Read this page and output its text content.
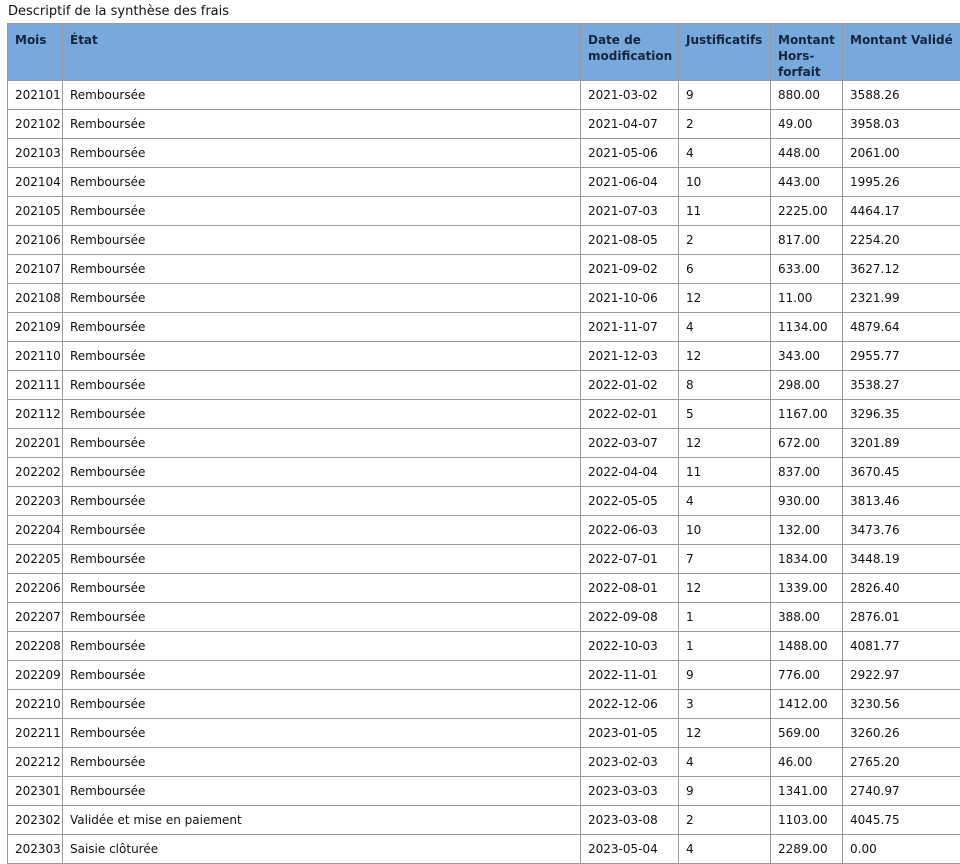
Descriptif de la synthèse des frais
Mois	État	Date de modification	Justificatifs	Montant Hors-forfait	Montant Validé
202101	Remboursée	2021-03-02	9	880.00	3588.26
202102	Remboursée	2021-04-07	2	49.00	3958.03
202103	Remboursée	2021-05-06	4	448.00	2061.00
202104	Remboursée	2021-06-04	10	443.00	1995.26
202105	Remboursée	2021-07-03	11	2225.00	4464.17
202106	Remboursée	2021-08-05	2	817.00	2254.20
202107	Remboursée	2021-09-02	6	633.00	3627.12
202108	Remboursée	2021-10-06	12	11.00	2321.99
202109	Remboursée	2021-11-07	4	1134.00	4879.64
202110	Remboursée	2021-12-03	12	343.00	2955.77
202111	Remboursée	2022-01-02	8	298.00	3538.27
202112	Remboursée	2022-02-01	5	1167.00	3296.35
202201	Remboursée	2022-03-07	12	672.00	3201.89
202202	Remboursée	2022-04-04	11	837.00	3670.45
202203	Remboursée	2022-05-05	4	930.00	3813.46
202204	Remboursée	2022-06-03	10	132.00	3473.76
202205	Remboursée	2022-07-01	7	1834.00	3448.19
202206	Remboursée	2022-08-01	12	1339.00	2826.40
202207	Remboursée	2022-09-08	1	388.00	2876.01
202208	Remboursée	2022-10-03	1	1488.00	4081.77
202209	Remboursée	2022-11-01	9	776.00	2922.97
202210	Remboursée	2022-12-06	3	1412.00	3230.56
202211	Remboursée	2023-01-05	12	569.00	3260.26
202212	Remboursée	2023-02-03	4	46.00	2765.20
202301	Remboursée	2023-03-03	9	1341.00	2740.97
202302	Validée et mise en paiement	2023-03-08	2	1103.00	4045.75
202303	Saisie clôturée	2023-05-04	4	2289.00	0.00
